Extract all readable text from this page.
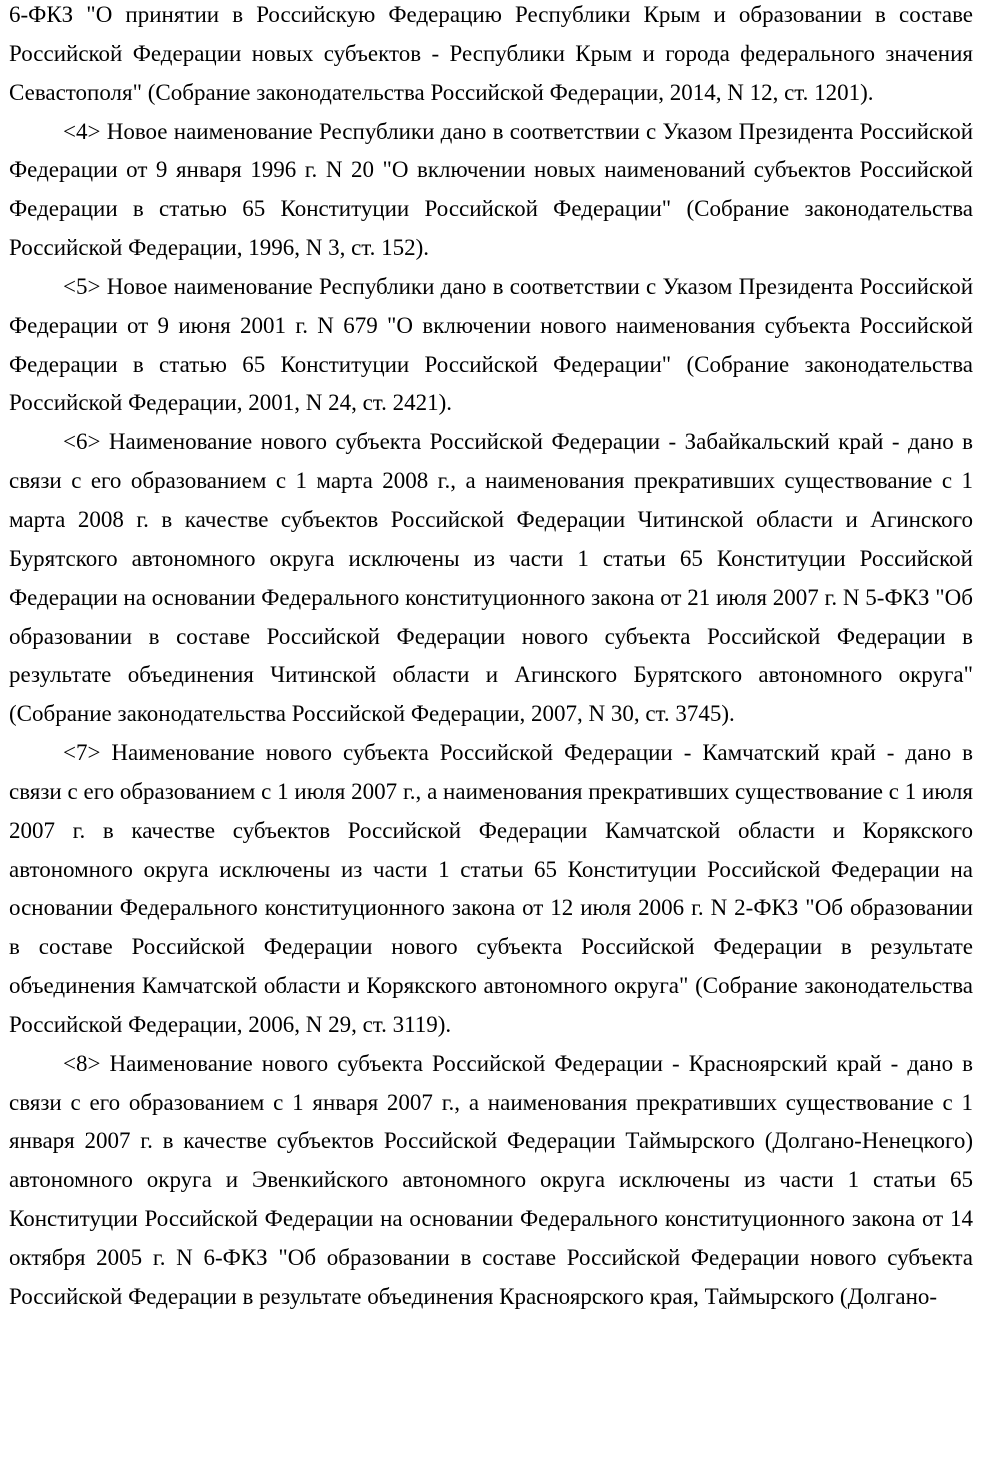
6-ФКЗ "О принятии в Российскую Федерацию Республики Крым и образовании в составе Российской Федерации новых субъектов - Республики Крым и города федерального значения Севастополя" (Собрание законодательства Российской Федерации, 2014, N 12, ст. 1201).

<4> Новое наименование Республики дано в соответствии с Указом Президента Российской Федерации от 9 января 1996 г. N 20 "О включении новых наименований субъектов Российской Федерации в статью 65 Конституции Российской Федерации" (Собрание законодательства Российской Федерации, 1996, N 3, ст. 152).

<5> Новое наименование Республики дано в соответствии с Указом Президента Российской Федерации от 9 июня 2001 г. N 679 "О включении нового наименования субъекта Российской Федерации в статью 65 Конституции Российской Федерации" (Собрание законодательства Российской Федерации, 2001, N 24, ст. 2421).

<6> Наименование нового субъекта Российской Федерации - Забайкальский край - дано в связи с его образованием с 1 марта 2008 г., а наименования прекративших существование с 1 марта 2008 г. в качестве субъектов Российской Федерации Читинской области и Агинского Бурятского автономного округа исключены из части 1 статьи 65 Конституции Российской Федерации на основании Федерального конституционного закона от 21 июля 2007 г. N 5-ФКЗ "Об образовании в составе Российской Федерации нового субъекта Российской Федерации в результате объединения Читинской области и Агинского Бурятского автономного округа" (Собрание законодательства Российской Федерации, 2007, N 30, ст. 3745).

<7> Наименование нового субъекта Российской Федерации - Камчатский край - дано в связи с его образованием с 1 июля 2007 г., а наименования прекративших существование с 1 июля 2007 г. в качестве субъектов Российской Федерации Камчатской области и Корякского автономного округа исключены из части 1 статьи 65 Конституции Российской Федерации на основании Федерального конституционного закона от 12 июля 2006 г. N 2-ФКЗ "Об образовании в составе Российской Федерации нового субъекта Российской Федерации в результате объединения Камчатской области и Корякского автономного округа" (Собрание законодательства Российской Федерации, 2006, N 29, ст. 3119).

<8> Наименование нового субъекта Российской Федерации - Красноярский край - дано в связи с его образованием с 1 января 2007 г., а наименования прекративших существование с 1 января 2007 г. в качестве субъектов Российской Федерации Таймырского (Долгано-Ненецкого) автономного округа и Эвенкийского автономного округа исключены из части 1 статьи 65 Конституции Российской Федерации на основании Федерального конституционного закона от 14 октября 2005 г. N 6-ФКЗ "Об образовании в составе Российской Федерации нового субъекта Российской Федерации в результате объединения Красноярского края, Таймырского (Долгано-
